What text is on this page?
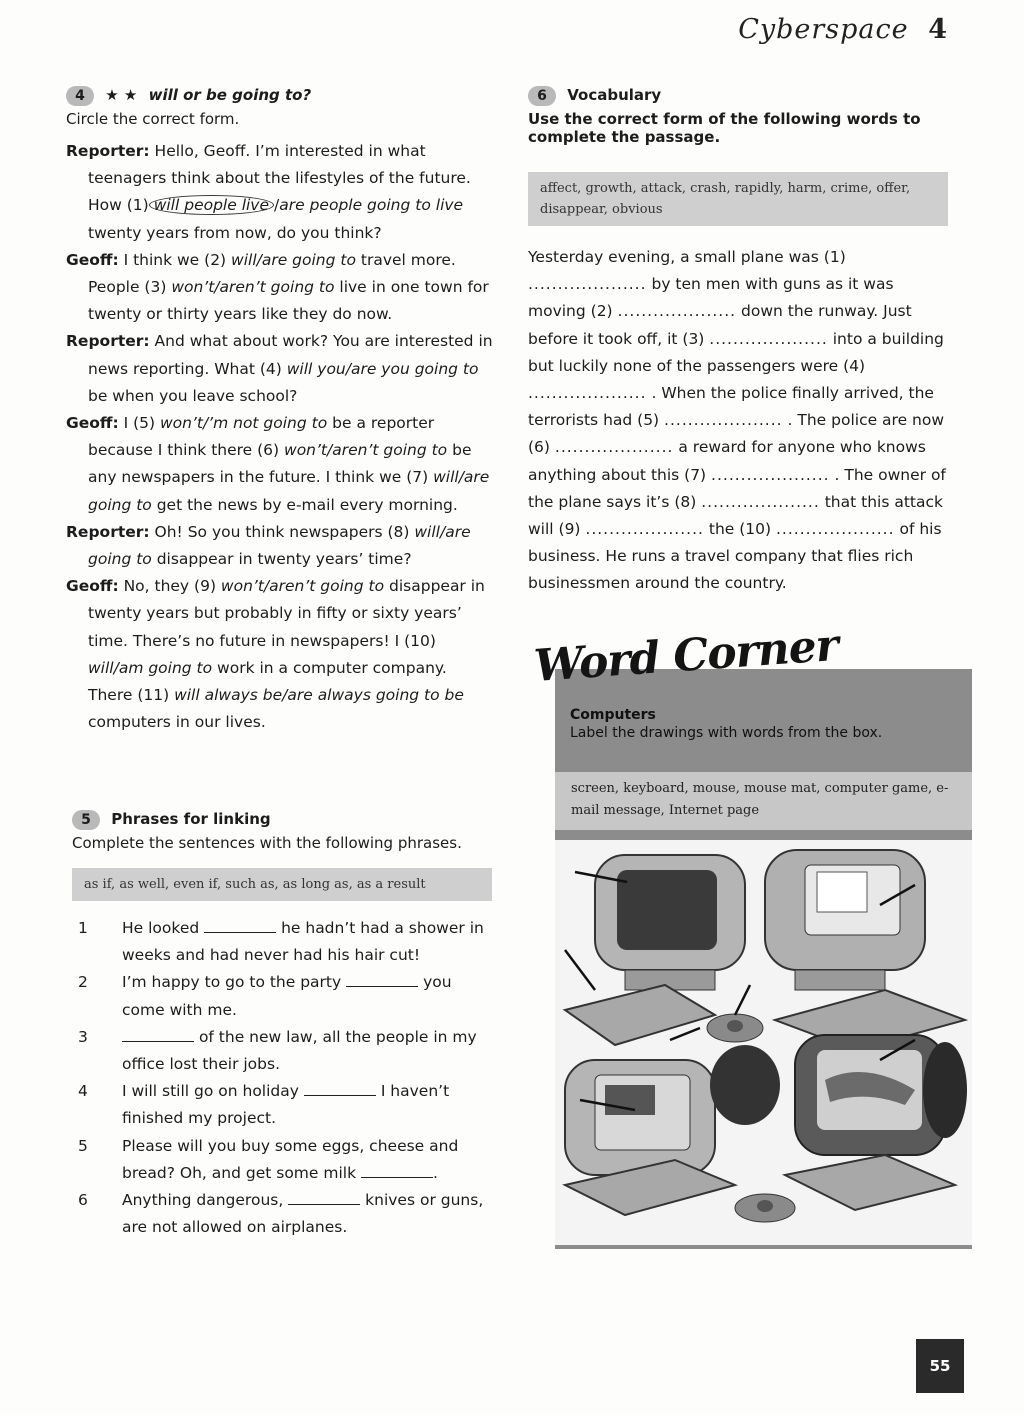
Cyberspace 4
4 ★ ★ will or be going to?
Circle the correct form.
Reporter: Hello, Geoff. I’m interested in what teenagers think about the lifestyles of the future. How (1) will people live /are people going to live twenty years from now, do you think?
Geoff: I think we (2) will/are going to travel more. People (3) won’t/aren’t going to live in one town for twenty or thirty years like they do now.
Reporter: And what about work? You are interested in news reporting. What (4) will you/are you going to be when you leave school?
Geoff: I (5) won’t/’m not going to be a reporter because I think there (6) won’t/aren’t going to be any newspapers in the future. I think we (7) will/are going to get the news by e-mail every morning.
Reporter: Oh! So you think newspapers (8) will/are going to disappear in twenty years’ time?
Geoff: No, they (9) won’t/aren’t going to disappear in twenty years but probably in fifty or sixty years’ time. There’s no future in newspapers! I (10) will/am going to work in a computer company. There (11) will always be/are always going to be computers in our lives.
6 Vocabulary
Use the correct form of the following words to complete the passage.
affect, growth, attack, crash, rapidly, harm, crime, offer, disappear, obvious
Yesterday evening, a small plane was (1) .................... by ten men with guns as it was moving (2) .................... down the runway. Just before it took off, it (3) .................... into a building but luckily none of the passengers were (4) .................... . When the police finally arrived, the terrorists had (5) .................... . The police are now (6) .................... a reward for anyone who knows anything about this (7) .................... . The owner of the plane says it’s (8) .................... that this attack will (9) .................... the (10) .................... of his business. He runs a travel company that flies rich businessmen around the country.
5 Phrases for linking
Complete the sentences with the following phrases.
as if, as well, even if, such as, as long as, as a result
1	He looked	he hadn’t had a shower in weeks and had never had his hair cut!
2	I’m happy to go to the party	you come with me.
3	of the new law, all the people in my office lost their jobs.
4	I will still go on holiday	I haven’t finished my project.
5	Please will you buy some eggs, cheese and bread? Oh, and get some milk	.
6	Anything dangerous,	knives or guns, are not allowed on airplanes.
Word Corner
Computers
Label the drawings with words from the box.
screen, keyboard, mouse, mouse mat, computer game, e-mail message, Internet page
55
